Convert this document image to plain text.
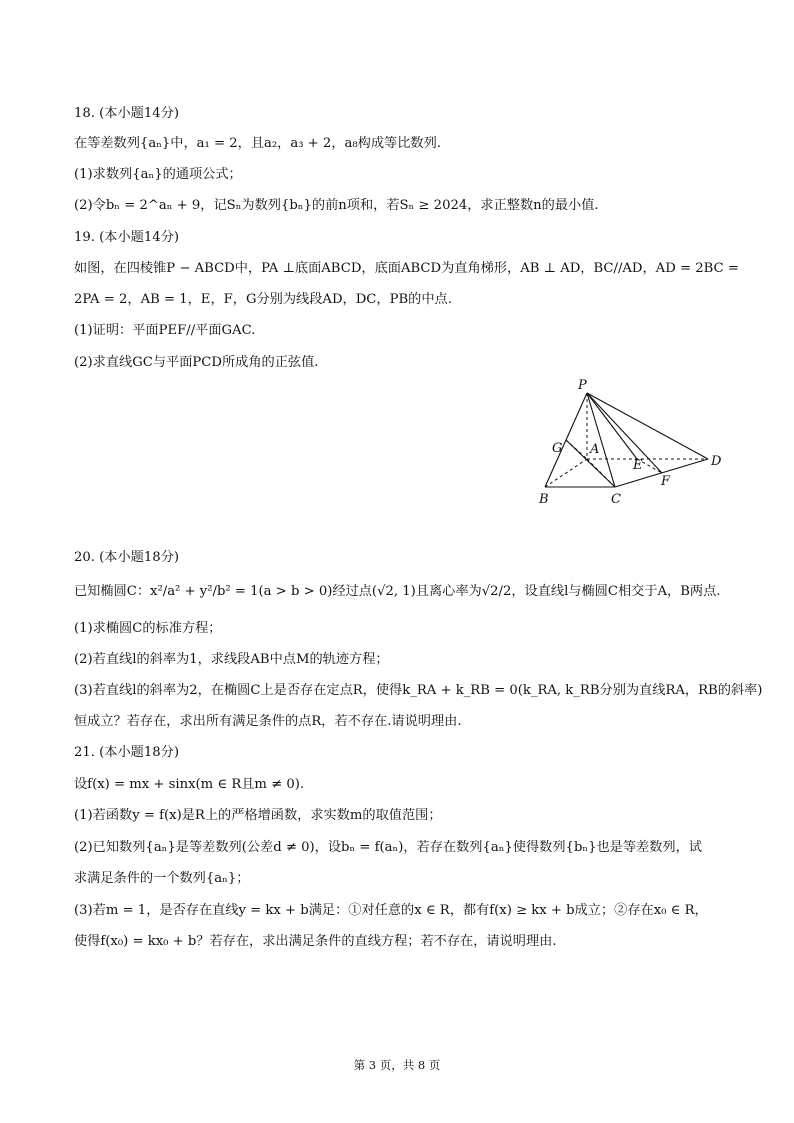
18. (本小题14分)
在等差数列{aₙ}中，a₁ = 2，且a₂，a₃ + 2，a₈构成等比数列.
(1)求数列{aₙ}的通项公式；
(2)令bₙ = 2^aₙ + 9，记Sₙ为数列{bₙ}的前n项和，若Sₙ ≥ 2024，求正整数n的最小值.
19. (本小题14分)
如图，在四棱锥P − ABCD中，PA ⊥底面ABCD，底面ABCD为直角梯形，AB ⊥ AD，BC//AD，AD = 2BC =
2PA = 2，AB = 1，E，F，G分别为线段AD，DC，PB的中点.
(1)证明：平面PEF//平面GAC.
(2)求直线GC与平面PCD所成角的正弦值.
P
G A
E	D
F
B	C
20. (本小题18分)
已知椭圆C：x²/a² + y²/b² = 1(a > b > 0)经过点(√2, 1)且离心率为√2/2，设直线l与椭圆C相交于A，B两点.
(1)求椭圆C的标准方程；
(2)若直线l的斜率为1，求线段AB中点M的轨迹方程；
(3)若直线l的斜率为2，在椭圆C上是否存在定点R，使得k_RA + k_RB = 0(k_RA, k_RB分别为直线RA，RB的斜率)
恒成立？若存在，求出所有满足条件的点R，若不存在.请说明理由.
21. (本小题18分)
设f(x) = mx + sinx(m ∈ R且m ≠ 0).
(1)若函数y = f(x)是R上的严格增函数，求实数m的取值范围；
(2)已知数列{aₙ}是等差数列(公差d ≠ 0)，设bₙ = f(aₙ)，若存在数列{aₙ}使得数列{bₙ}也是等差数列，试
求满足条件的一个数列{aₙ}；
(3)若m = 1，是否存在直线y = kx + b满足：①对任意的x ∈ R，都有f(x) ≥ kx + b成立；②存在x₀ ∈ R，
使得f(x₀) = kx₀ + b？若存在，求出满足条件的直线方程；若不存在，请说明理由.
第 3 页，共 8 页
